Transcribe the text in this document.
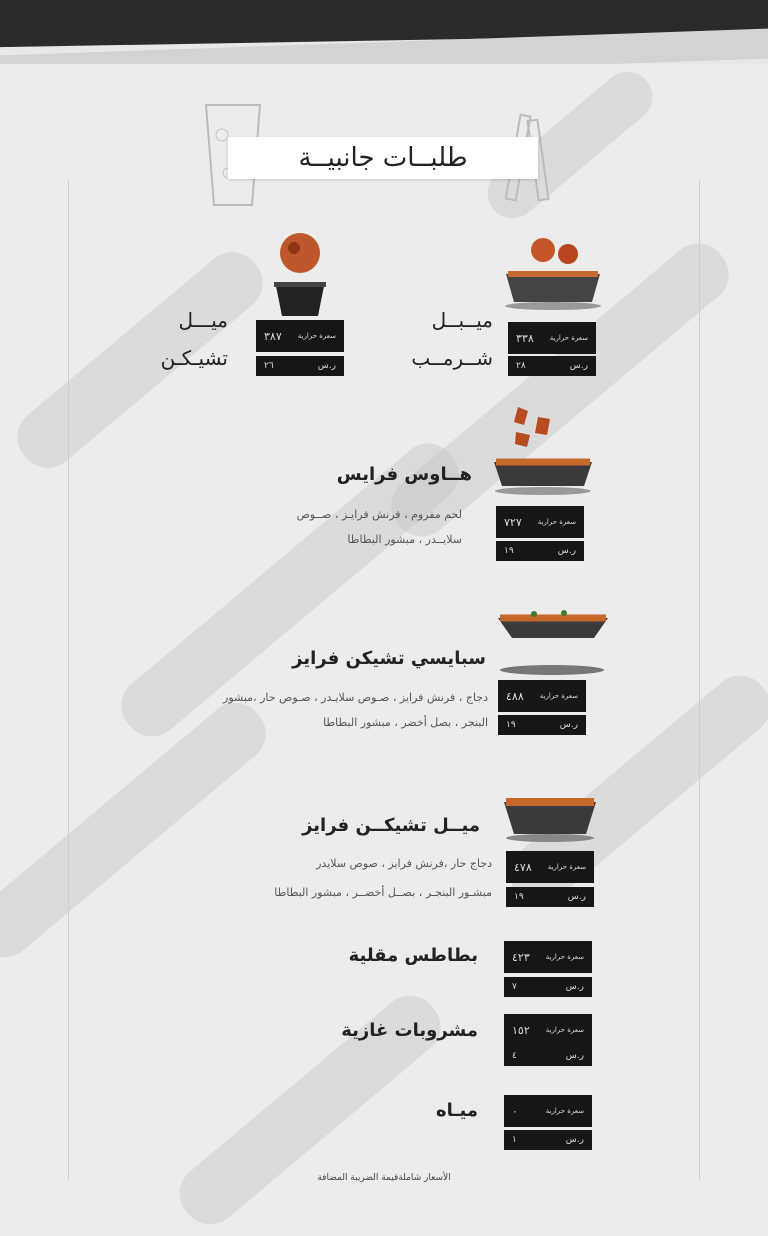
طلبــات جانبيــة
ميــبــل
شــرمــب
٣٣٨ سعرة حرارية
٢٨	ر.س
ميـــل
تشيـكـن
٣٨٧ سعرة حرارية
٢٦	ر.س
هــاوس فرايس
لحم مفروم ، فرنش فرايـز ، صــوص
سلايــدر ، مبشور البطاطا
٧٢٧ سعرة حرارية
١٩	ر.س
سبايسي تشيكن فرايز
دجاج ، فرنش فرايز ، صـوص سلايـدر ، صـوص حار ،مبشور
البنجر ، بصل أخضر ، مبشور البطاطا
٤٨٨ سعرة حرارية
١٩	ر.س
ميــل تشيكــن فرايز
دجاج حار ،فرنش فرايز ، صوص سلايدر
مبشـور البنجـر ، بصــل أخضــر ، مبشور البطاطا
٤٧٨ سعرة حرارية
١٩	ر.س
بطاطس مقلية	٤٢٣ سعرة حرارية
٧	ر.س
مشروبات غازية	١٥٢ سعرة حرارية
٤	ر.س
ميـاه	٠	سعرة حرارية
١	ر.س
الأسعار شاملةقيمة الضريبة المضافة
